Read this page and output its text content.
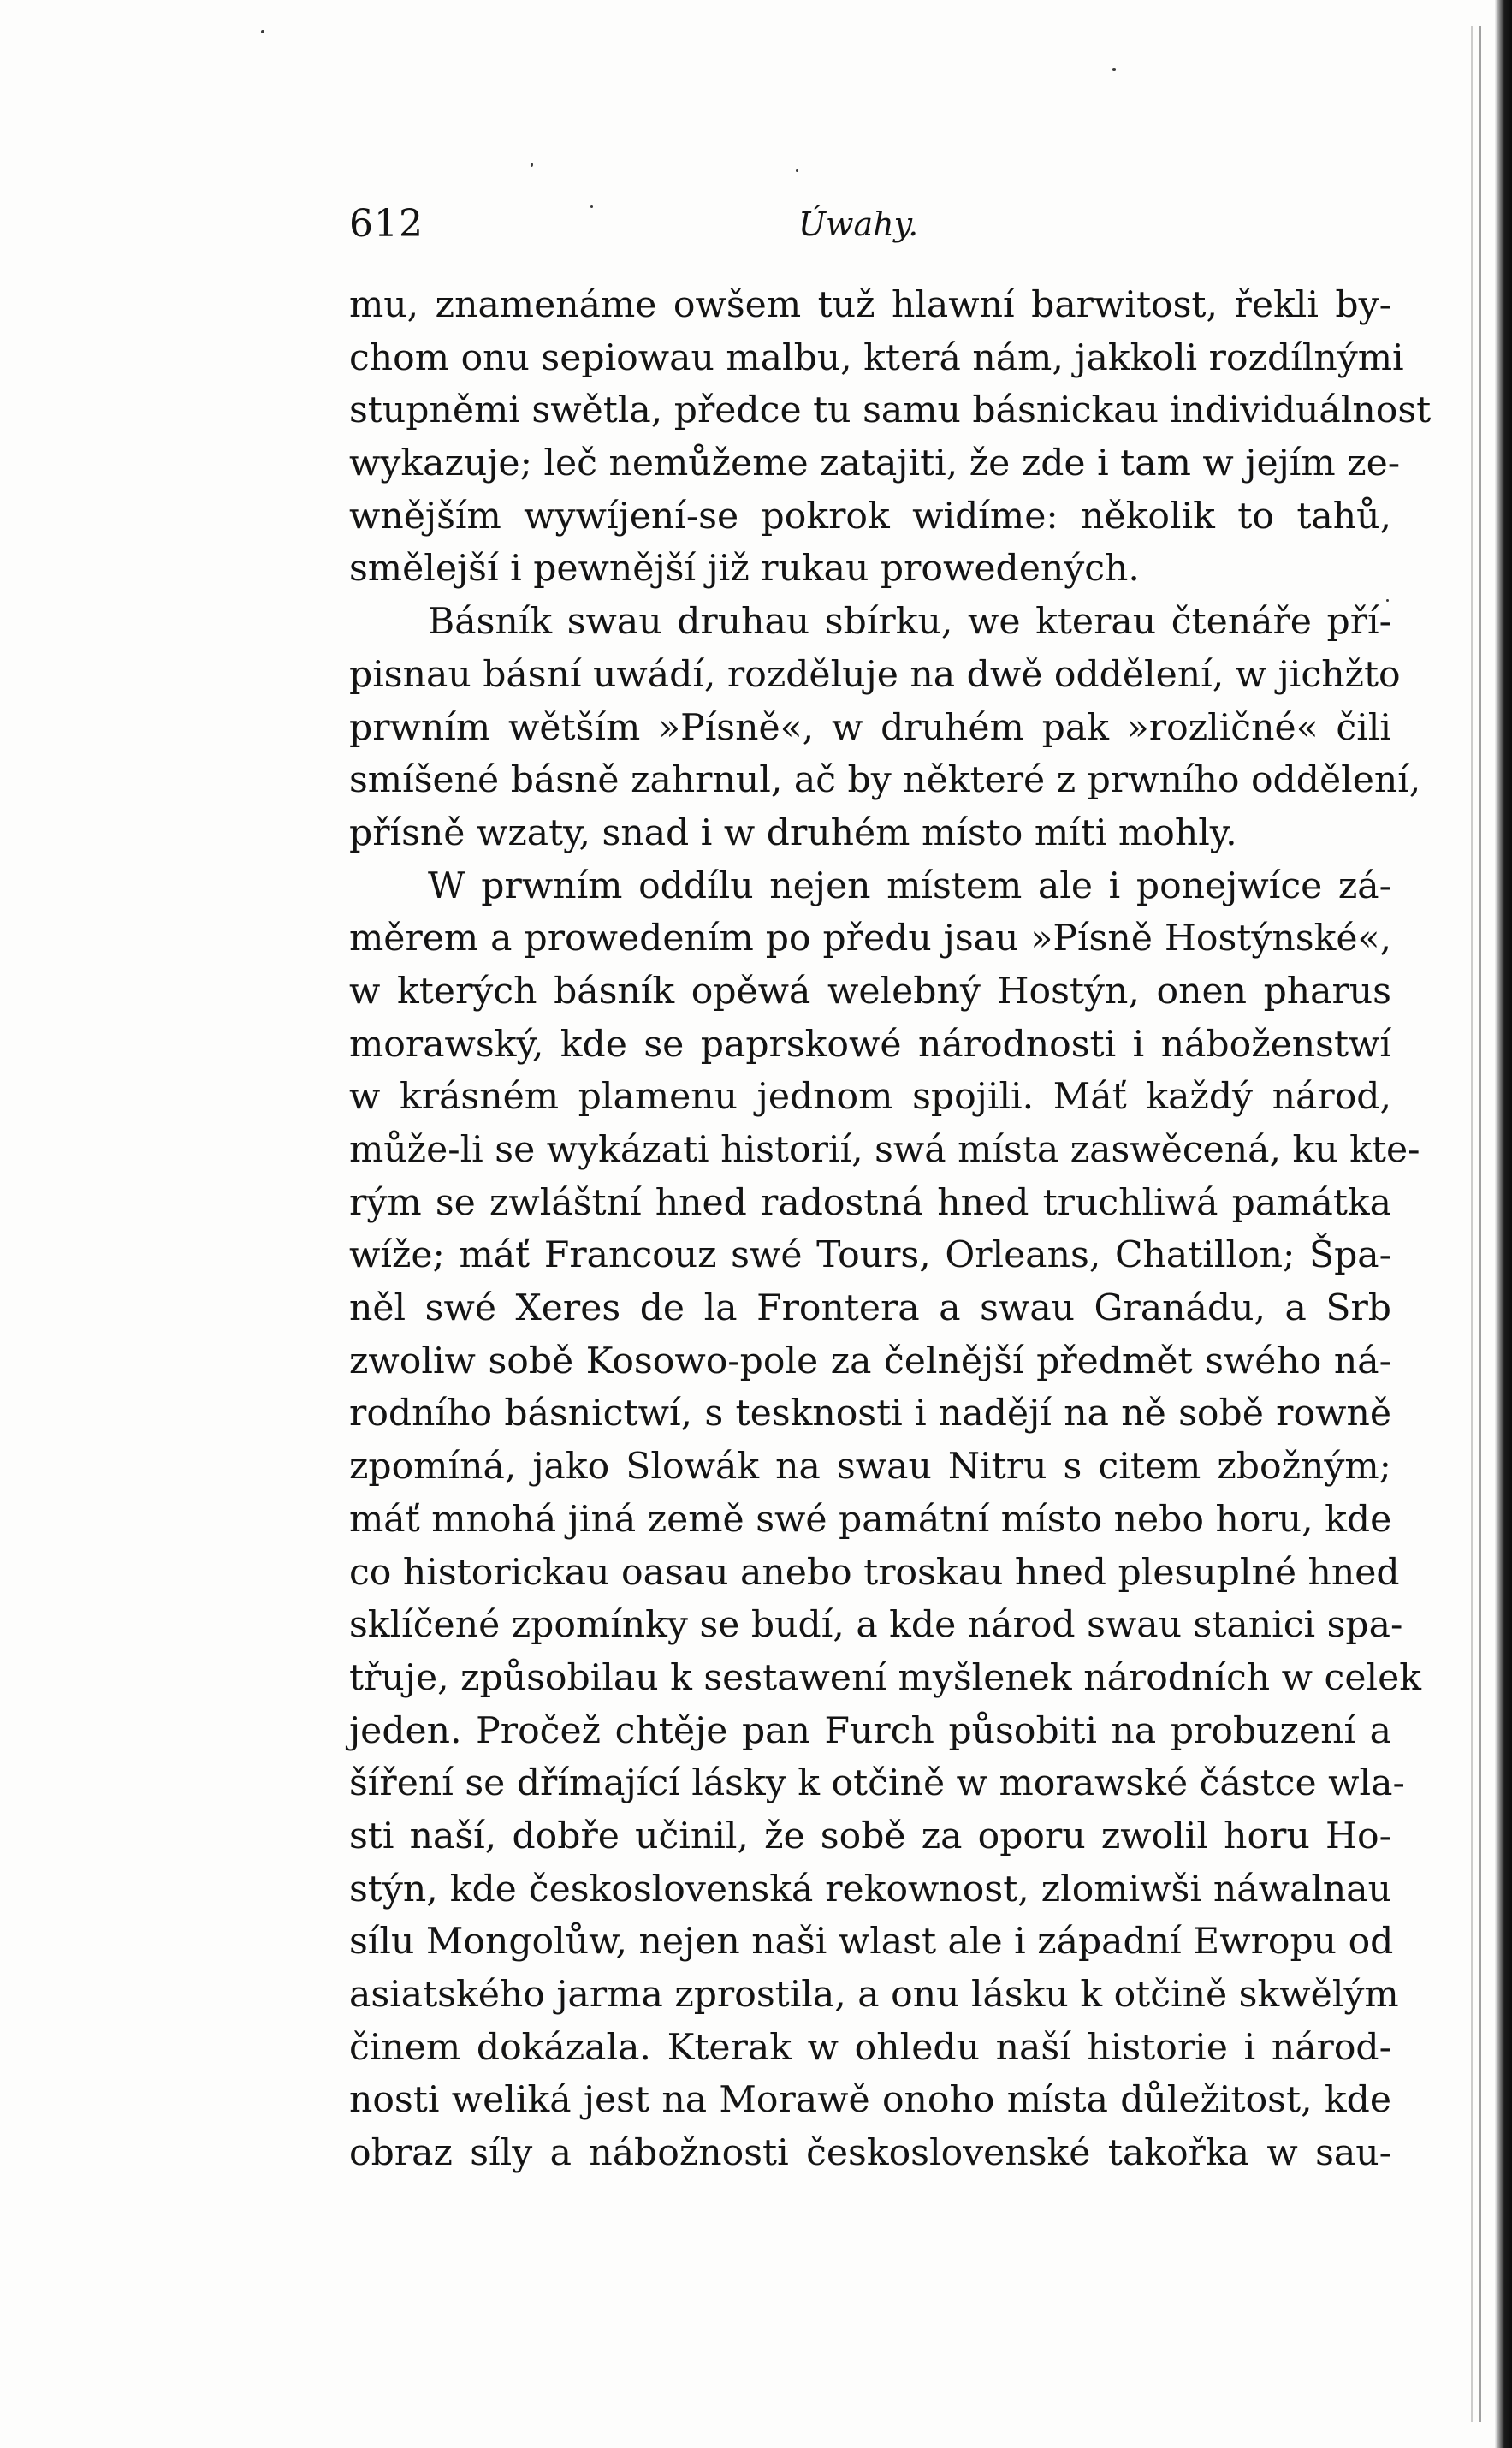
612	Úwahy.
mu, znamenáme owšem tuž hlawní barwitost, řekli by-
chom onu sepiowau malbu, která nám, jakkoli rozdílnými
stupněmi swětla, předce tu samu básnickau individuálnost
wykazuje; leč nemůžeme zatajiti, že zde i tam w jejím ze-
wnějším wywíjení-se pokrok widíme: několik to tahů,
smělejší i pewnější již rukau prowedených.
Básník swau druhau sbírku, we kterau čtenáře pří-
pisnau básní uwádí, rozděluje na dwě oddělení, w jichžto
prwním wětším »Písně«, w druhém pak »rozličné« čili
smíšené básně zahrnul, ač by některé z prwního oddělení,
přísně wzaty, snad i w druhém místo míti mohly.
W prwním oddílu nejen místem ale i ponejwíce zá-
měrem a prowedením po předu jsau »Písně Hostýnské«,
w kterých básník opěwá welebný Hostýn, onen pharus
morawský, kde se paprskowé národnosti i náboženstwí
w krásném plamenu jednom spojili. Máť každý národ,
může-li se wykázati historií, swá místa zaswěcená, ku kte-
rým se zwláštní hned radostná hned truchliwá památka
wíže; máť Francouz swé Tours, Orleans, Chatillon; Špa-
něl swé Xeres de la Frontera a swau Granádu, a Srb
zwoliw sobě Kosowo-pole za čelnější předmět swého ná-
rodního básnictwí, s tesknosti i nadějí na ně sobě rowně
zpomíná, jako Slowák na swau Nitru s citem zbožným;
máť mnohá jiná země swé památní místo nebo horu, kde
co historickau oasau anebo troskau hned plesuplné hned
sklíčené zpomínky se budí, a kde národ swau stanici spa-
třuje, způsobilau k sestawení myšlenek národních w celek
jeden. Pročež chtěje pan Furch působiti na probuzení a
šíření se dřímající lásky k otčině w morawské částce wla-
sti naší, dobře učinil, že sobě za oporu zwolil horu Ho-
stýn, kde československá rekownost, zlomiwši náwalnau
sílu Mongolůw, nejen naši wlast ale i západní Ewropu od
asiatského jarma zprostila, a onu lásku k otčině skwělým
činem dokázala. Kterak w ohledu naší historie i národ-
nosti weliká jest na Morawě onoho místa důležitost, kde
obraz síly a nábožnosti československé takořka w sau-
